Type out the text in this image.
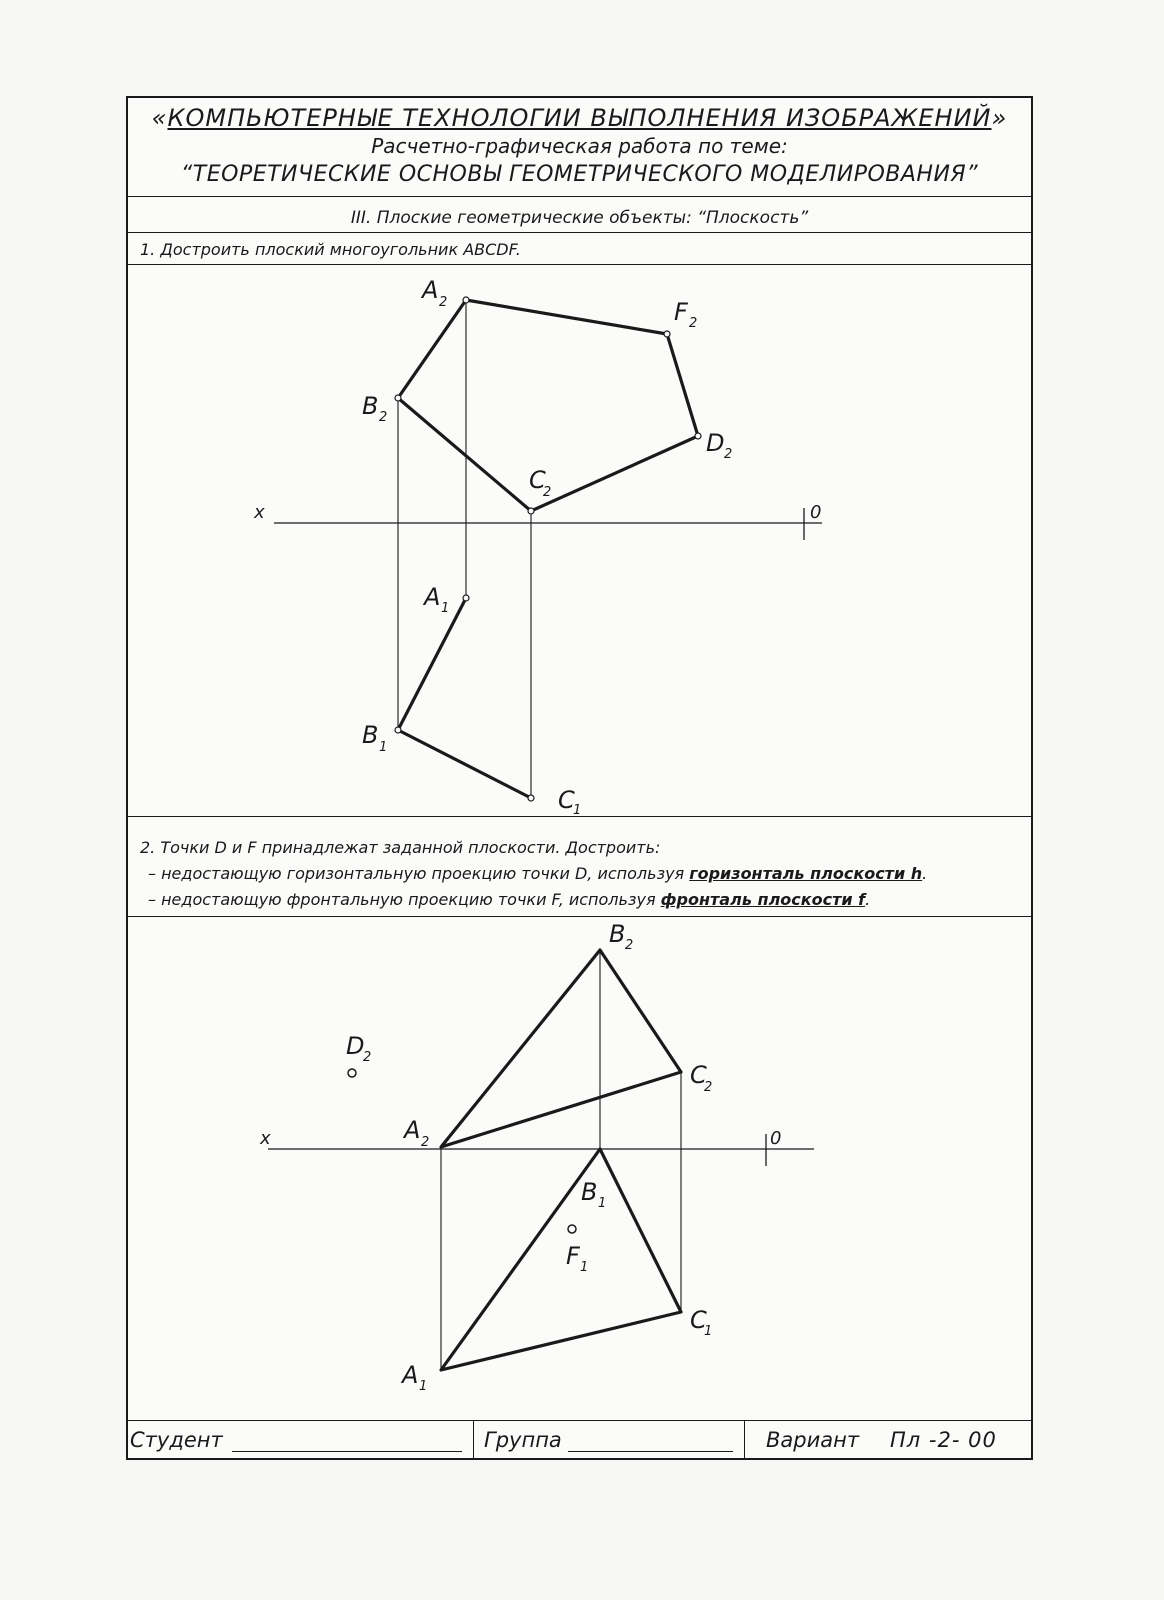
«КОМПЬЮТЕРНЫЕ ТЕХНОЛОГИИ ВЫПОЛНЕНИЯ ИЗОБРАЖЕНИЙ»
Расчетно-графическая работа по теме:
“ТЕОРЕТИЧЕСКИЕ ОСНОВЫ ГЕОМЕТРИЧЕСКОГО МОДЕЛИРОВАНИЯ”
III. Плоские геометрические объекты: “Плоскость”
1. Достроить плоский многоугольник ABCDF.
2. Точки D и F принадлежат заданной плоскости. Достроить:
– недостающую горизонтальную проекцию точки D, используя горизонталь плоскости h.
– недостающую фронтальную проекцию точки F, используя фронталь плоскости f.
A 2	F 2
B 2
D 2
C
2
x	0
A 1
B 1
C
1
B 2
D
2
C
2
A 2
x	0
B 1
F 1
C
1
A 1
Студент	Группа	Вариант Пл -2- 00
